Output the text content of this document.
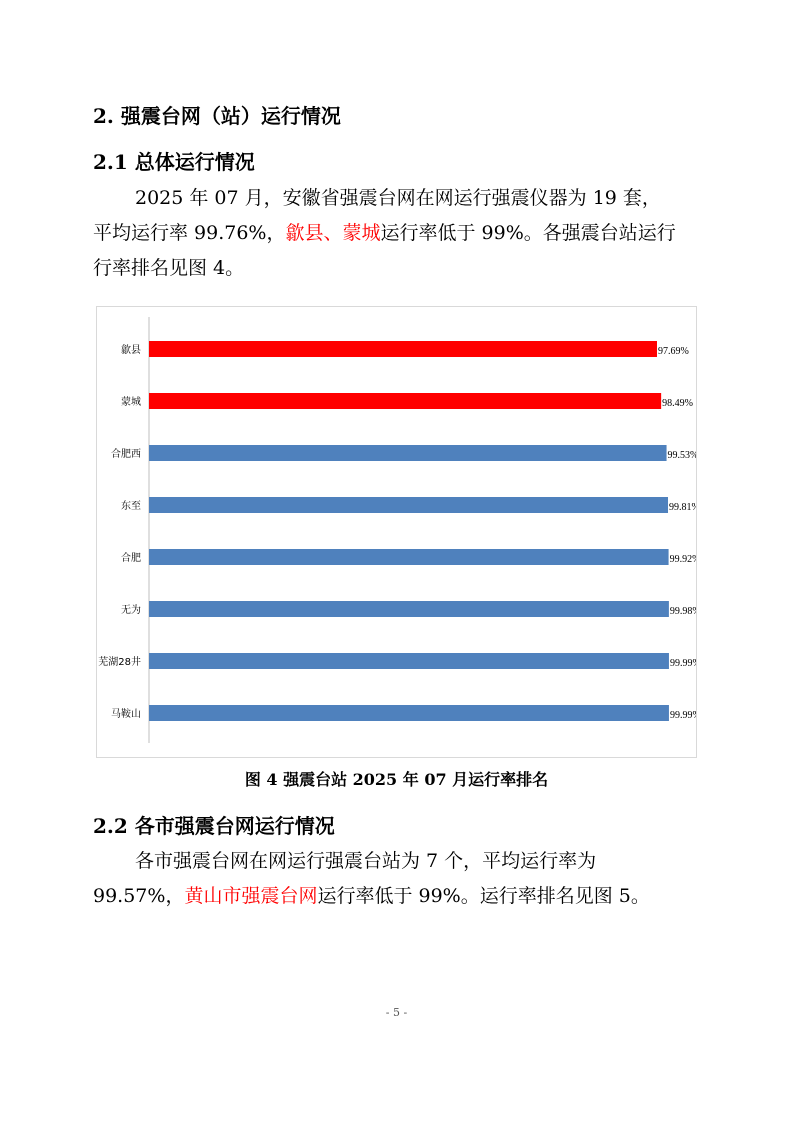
2. 强震台网（站）运行情况
2.1 总体运行情况
2025 年 07 月，安徽省强震台网在网运行强震仪器为 19 套，
平均运行率 99.76%，歙县、蒙城运行率低于 99%。各强震台站运行
行率排名见图 4。
歙县	97.69%
蒙城	98.49%
合肥西	99.53%
东至	99.81
合肥	99.92
无为	99.98
芜湖28井	99.99
马鞍山	99.99
图 4 强震台站 2025 年 07 月运行率排名
2.2 各市强震台网运行情况
各市强震台网在网运行强震台站为 7 个，平均运行率为
99.57%，黄山市强震台网运行率低于 99%。运行率排名见图 5。
- 5 -
